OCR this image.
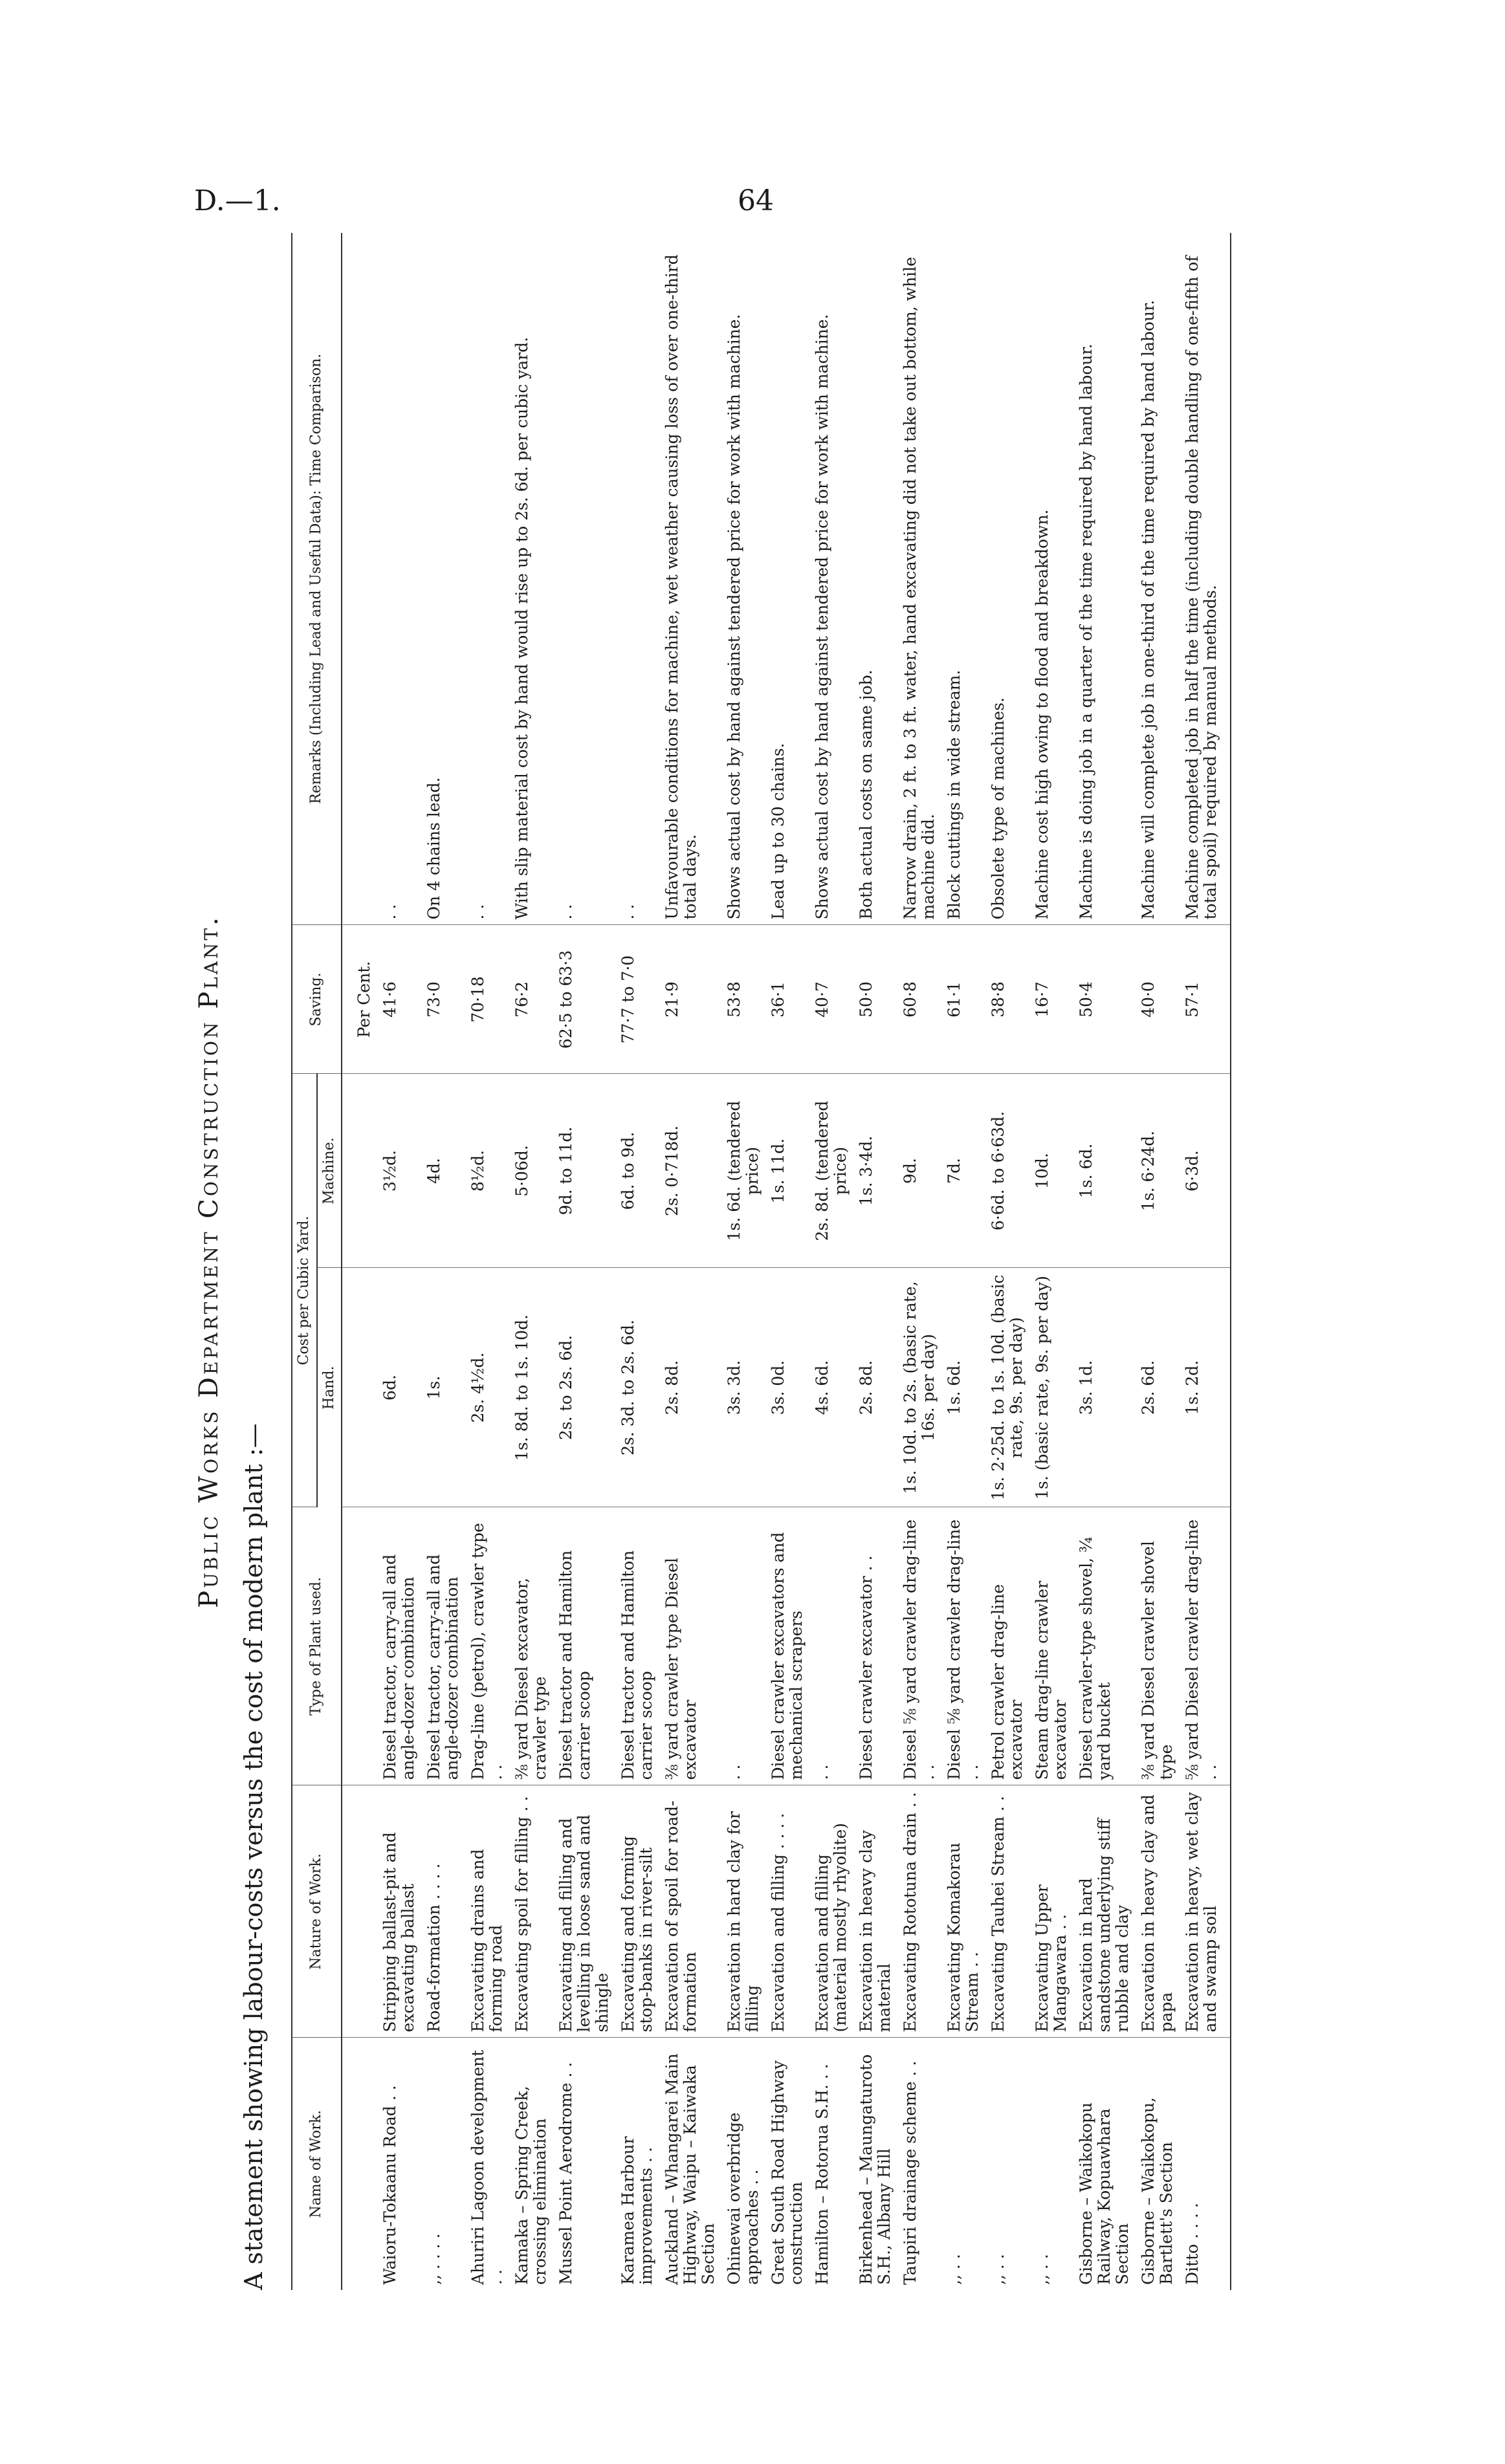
D.—1.	64
Public Works Department Construction Plant.
A statement showing labour-costs versus the cost of modern plant :—	Name of Work.	Nature of Work.	Type of Plant used.	Cost per Cubic Yard.		Saving.	Remarks (Including Lead and Useful Data): Time Comparison.
			Hand.	Machine.		
					Per Cent.	
Waioru-Tokaanu Road . .	Stripping ballast-pit and excavating ballast	Diesel tractor, carry-all and angle-dozer combination	6d.	3½d.	41·6	. .
,, . . . .	Road-formation . . . .	Diesel tractor, carry-all and angle-dozer combination	1s.	4d.	73·0	On 4 chains lead.
Ahuriri Lagoon development . .	Excavating drains and forming road	Drag-line (petrol), crawler type . .	2s. 4½d.	8½d.	70·18	. .
Kamaka – Spring Creek, crossing elimination	Excavating spoil for filling . .	⅜ yard Diesel excavator, crawler type	1s. 8d. to 1s. 10d.	5·06d.	76·2	With slip material cost by hand would rise up to 2s. 6d. per cubic yard.
Mussel Point Aerodrome . .	Excavating and filling and levelling in loose sand and shingle	Diesel tractor and Hamilton carrier scoop	2s. to 2s. 6d.	9d. to 11d.	62·5 to 63·3	. .
Karamea Harbour improvements . .	Excavating and forming stop-banks in river-silt	Diesel tractor and Hamilton carrier scoop	2s. 3d. to 2s. 6d.	6d. to 9d.	77·7 to 7·0	. .
Auckland – Whangarei Main Highway, Waipu – Kaiwaka Section	Excavation of spoil for road-formation	⅜ yard crawler type Diesel excavator	2s. 8d.	2s. 0·718d.	21·9	Unfavourable conditions for machine, wet weather causing loss of over one-third total days.
Ohinewai overbridge approaches . .	Excavation in hard clay for filling	. .	3s. 3d.	1s. 6d. (tendered price)	53·8	Shows actual cost by hand against tendered price for work with machine.
Great South Road Highway construction	Excavation and filling . . . .	Diesel crawler excavators and mechanical scrapers	3s. 0d.	1s. 11d.	36·1	Lead up to 30 chains.
Hamilton – Rotorua S.H. . .	Excavation and filling (material mostly rhyolite)	. .	4s. 6d.	2s. 8d. (tendered price)	40·7	Shows actual cost by hand against tendered price for work with machine.
Birkenhead – Maungaturoto S.H., Albany Hill	Excavation in heavy clay material	Diesel crawler excavator . .	2s. 8d.	1s. 3·4d.	50·0	Both actual costs on same job.
Taupiri drainage scheme . .	Excavating Rototuna drain . .	Diesel ⅝ yard crawler drag-line . .	1s. 10d. to 2s. (basic rate, 16s. per day)	9d.	60·8	Narrow drain, 2 ft. to 3 ft. water, hand excavating did not take out bottom, while machine did.
,, . .	Excavating Komakorau Stream . .	Diesel ⅝ yard crawler drag-line . .	1s. 6d.	7d.	61·1	Block cuttings in wide stream.
,, . .	Excavating Tauhei Stream . .	Petrol crawler drag-line excavator	1s. 2·25d. to 1s. 10d. (basic rate, 9s. per day)	6·6d. to 6·63d.	38·8	Obsolete type of machines.
,, . .	Excavating Upper Mangawara . .	Steam drag-line crawler excavator	1s. (basic rate, 9s. per day)	10d.	16·7	Machine cost high owing to flood and breakdown.
Gisborne – Waikokopu Railway, Kopuawhara Section	Excavation in hard sandstone underlying stiff rubble and clay	Diesel crawler-type shovel, ¾ yard bucket	3s. 1d.	1s. 6d.	50·4	Machine is doing job in a quarter of the time required by hand labour.
Gisborne – Waikokopu, Bartlett's Section	Excavation in heavy clay and papa	⅜ yard Diesel crawler shovel type	2s. 6d.	1s. 6·24d.	40·0	Machine will complete job in one-third of the time required by hand labour.
Ditto . . . .	Excavation in heavy, wet clay and swamp soil	⅝ yard Diesel crawler drag-line . .	1s. 2d.	6·3d.	57·1	Machine completed job in half the time (including double handling of one-fifth of total spoil) required by manual methods.
